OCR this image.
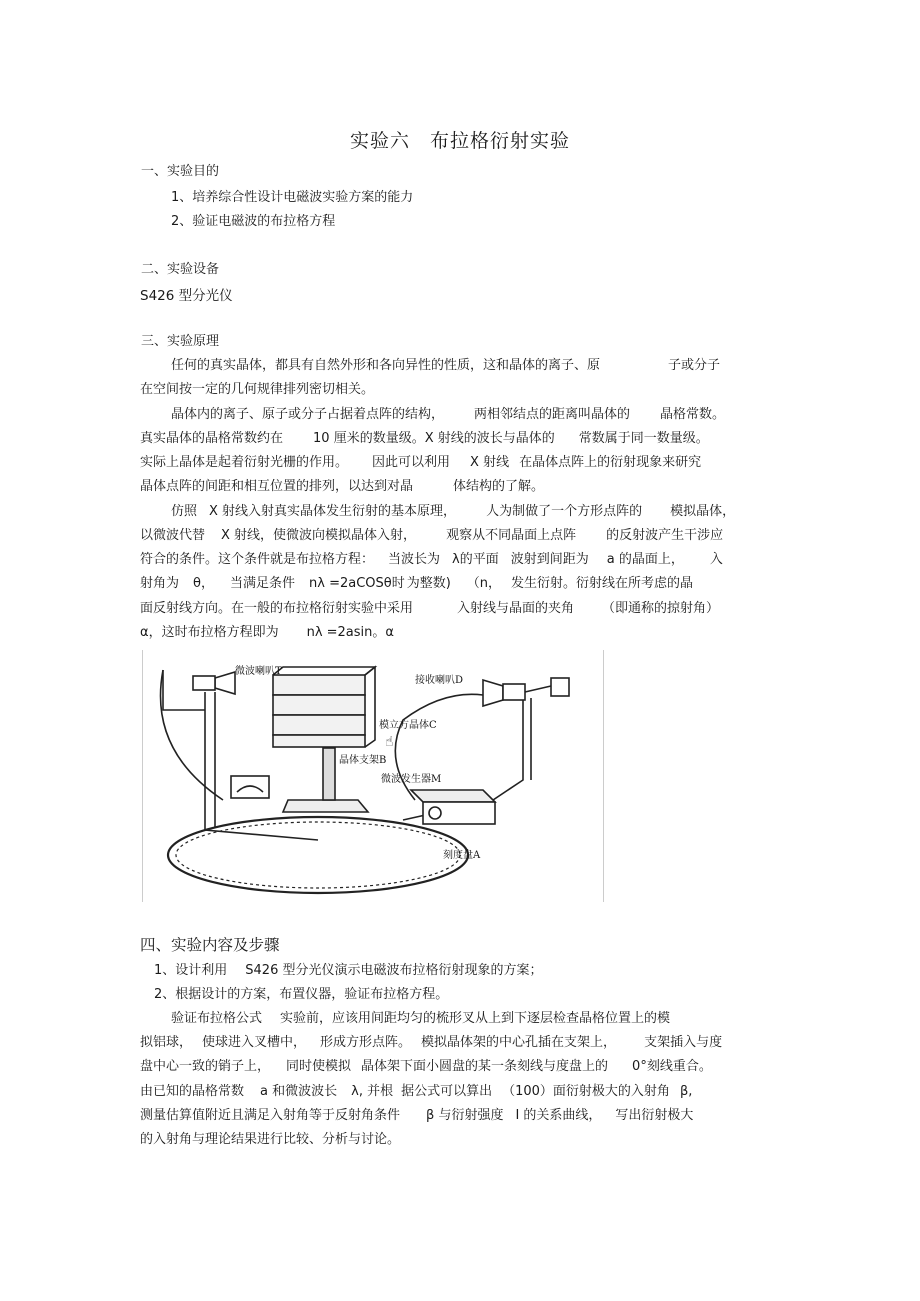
实验六　布拉格衍射实验
一、实验目的
1、培养综合性设计电磁波实验方案的能力
2、验证电磁波的布拉格方程
二、实验设备
S426 型分光仪
三、实验原理
任何的真实晶体，都具有自然外形和各向异性的性质，这和晶体的离子、原	子或分子
在空间按一定的几何规律排列密切相关。
晶体内的离子、原子或分子占据着点阵的结构， 两相邻结点的距离叫晶体的 晶格常数。
真实晶体的晶格常数约在 10 厘米的数量级。X 射线的波长与晶体的 常数属于同一数量级。
实际上晶体是起着衍射光栅的作用。 因此可以利用 X 射线 在晶体点阵上的衍射现象来研究
晶体点阵的间距和相互位置的排列，以达到对晶	体结构的了解。
仿照 X 射线入射真实晶体发生衍射的基本原理， 人为制做了一个方形点阵的 模拟晶体，
以微波代替 X 射线，使微波向模拟晶体入射， 观察从不同晶面上点阵 的反射波产生干涉应
符合的条件。这个条件就是布拉格方程： 当波长为 λ的平面 波射到间距为 a 的晶面上， 入
射角为 θ， 当满足条件 nλ =2aCOSθ时 为整数) （n， 发生衍射。衍射线在所考虑的晶
面反射线方向。在一般的布拉格衍射实验中采用	入射线与晶面的夹角 （即通称的掠射角）
α，这时布拉格方程即为 nλ =2asin。α
☝
微波喇叭T
接收喇叭D
模立方晶体C
晶体支架B
微波发生器M
刻度盘A
四、实验内容及步骤
1、设计利用 S426 型分光仪演示电磁波布拉格衍射现象的方案；
2、根据设计的方案，布置仪器，验证布拉格方程。
验证布拉格公式 实验前，应该用间距均匀的梳形叉从上到下逐层检查晶格位置上的模
拟铝球， 使球进入叉槽中， 形成方形点阵。 模拟晶体架的中心孔插在支架上， 支架插入与度
盘中心一致的销子上， 同时使模拟 晶体架下面小圆盘的某一条刻线与度盘上的 0°刻线重合。
由已知的晶格常数 a 和微波波长 λ, 并根 据公式可以算出 （100）面衍射极大的入射角 β,
测量估算值附近且满足入射角等于反射角条件 β 与衍射强度 I 的关系曲线， 写出衍射极大
的入射角与理论结果进行比较、分析与讨论。
